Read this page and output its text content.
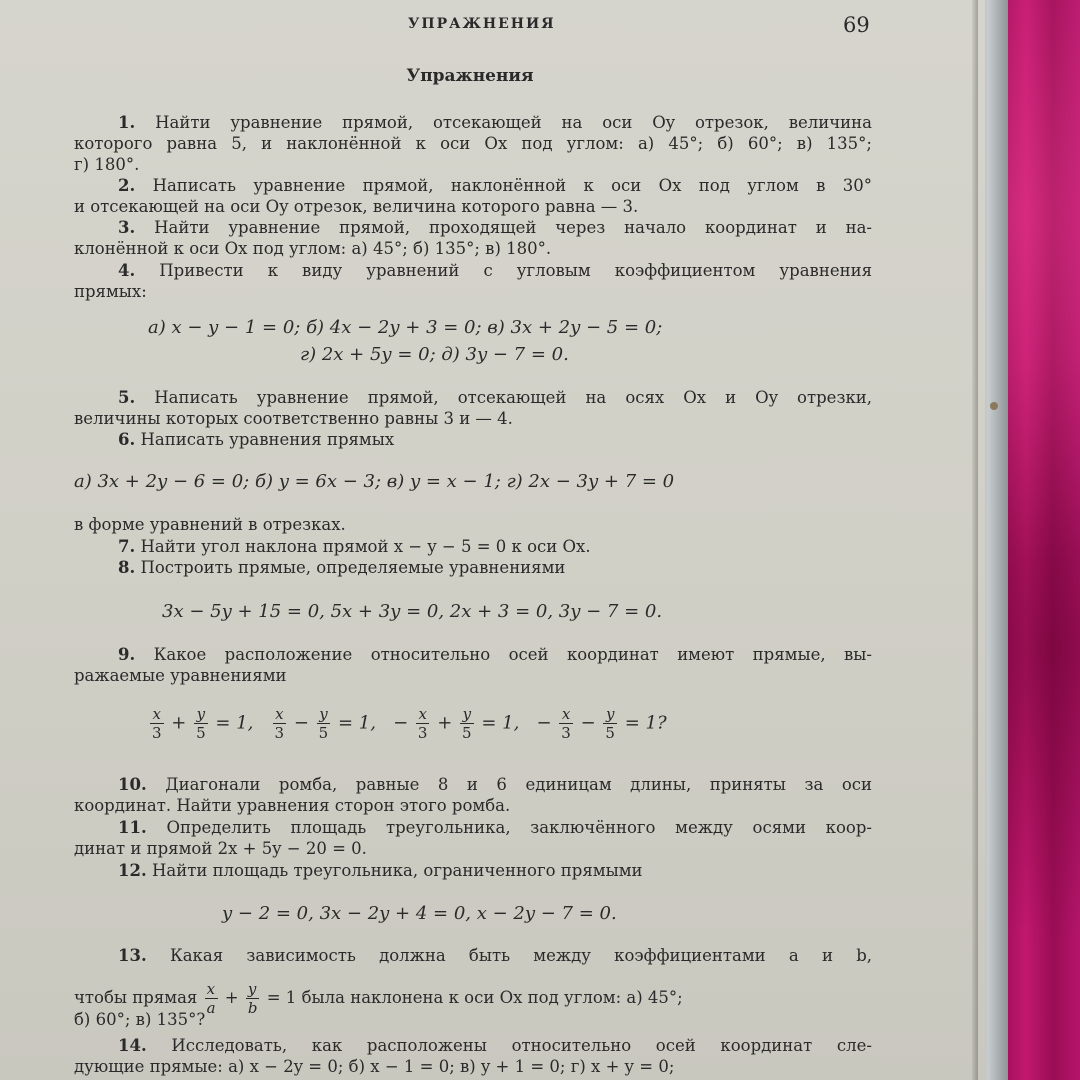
УПРАЖНЕНИЯ	69
Упражнения
1. Найти уравнение прямой, отсекающей на оси Oy отрезок, величина
которого равна 5, и наклонённой к оси Ox под углом: а) 45°; б) 60°; в) 135°;
г) 180°.
2. Написать уравнение прямой, наклонённой к оси Ox под углом в 30°
и отсекающей на оси Oy отрезок, величина которого равна — 3.
3. Найти уравнение прямой, проходящей через начало координат и на-
клонённой к оси Ox под углом: а) 45°; б) 135°; в) 180°.
4. Привести к виду уравнений с угловым коэффициентом уравнения
прямых:
а) x − y − 1 = 0; б) 4x − 2y + 3 = 0; в) 3x + 2y − 5 = 0;
г) 2x + 5y = 0; д) 3y − 7 = 0.
5. Написать уравнение прямой, отсекающей на осях Ox и Oy отрезки,
величины которых соответственно равны 3 и — 4.
6. Написать уравнения прямых
а) 3x + 2y − 6 = 0; б) y = 6x − 3; в) y = x − 1; г) 2x − 3y + 7 = 0
в форме уравнений в отрезках.
7. Найти угол наклона прямой x − y − 5 = 0 к оси Ox.
8. Построить прямые, определяемые уравнениями
3x − 5y + 15 = 0, 5x + 3y = 0, 2x + 3 = 0, 3y − 7 = 0.
9. Какое расположение относительно осей координат имеют прямые, вы-
ражаемые уравнениями
$\frac{x}{3} + \frac{y}{5} = 1$, $\frac{x}{3} - \frac{y}{5} = 1$, − $\frac{x}{3} + \frac{y}{5} = 1$, − $\frac{x}{3} - \frac{y}{5} = 1$?
10. Диагонали ромба, равные 8 и 6 единицам длины, приняты за оси
координат. Найти уравнения сторон этого ромба.
11. Определить площадь треугольника, заключённого между осями коор-
динат и прямой 2x + 5y − 20 = 0.
12. Найти площадь треугольника, ограниченного прямыми
y − 2 = 0, 3x − 2y + 4 = 0, x − 2y − 7 = 0.
13. Какая зависимость должна быть между коэффициентами a и b,
чтобы прямая $\frac{x}{a} + \frac{y}{b} = 1$ была наклонена к оси Ox под углом: а) 45°;
б) 60°; в) 135°?
14. Исследовать, как расположены относительно осей координат сле-
дующие прямые: а) x − 2y = 0; б) x − 1 = 0; в) y + 1 = 0; г) x + y = 0;
